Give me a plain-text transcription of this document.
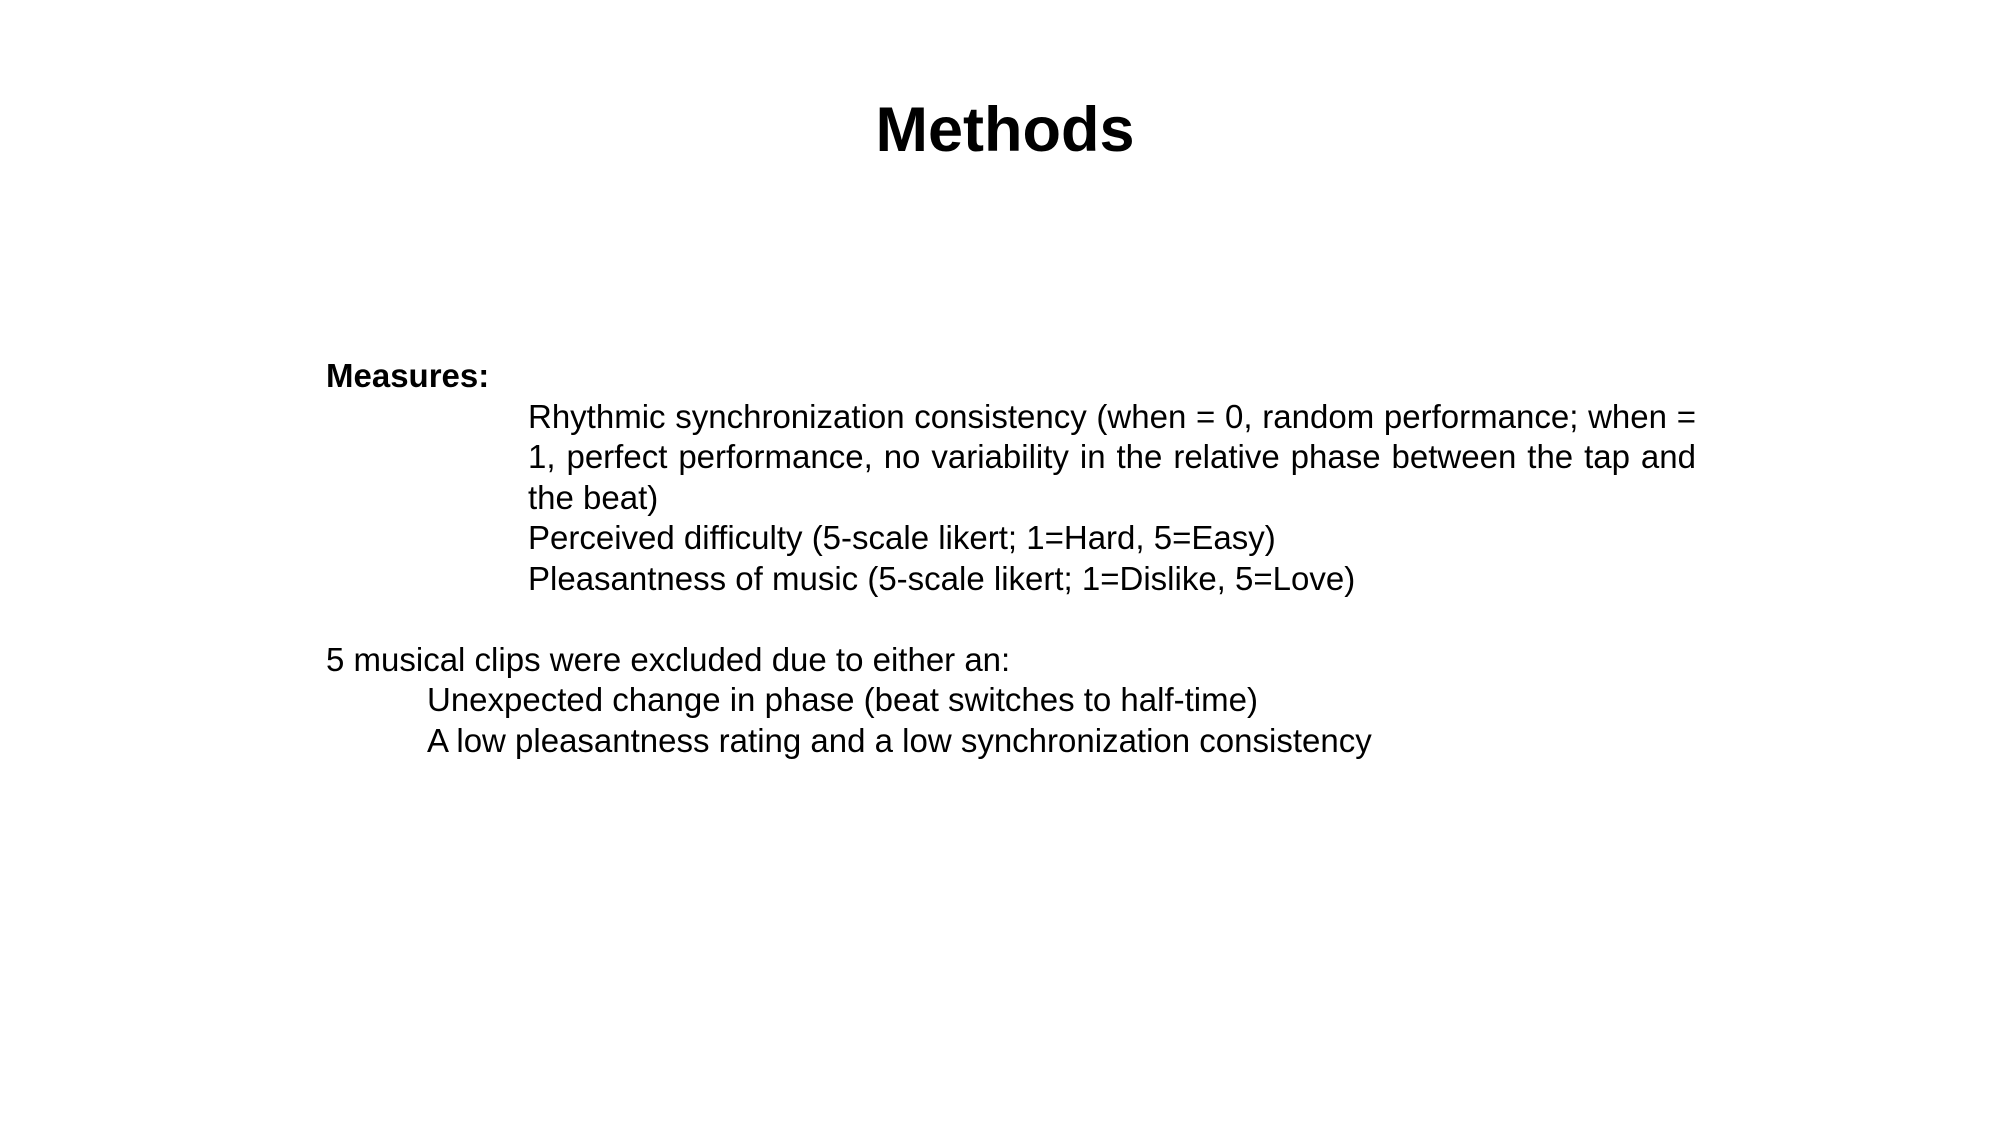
Methods

Measures:

Rhythmic synchronization consistency (when = 0, random performance; when = 1, perfect performance, no variability in the relative phase between the tap and the beat)

Perceived difficulty (5-scale likert; 1=Hard, 5=Easy)

Pleasantness of music (5-scale likert; 1=Dislike, 5=Love)

5 musical clips were excluded due to either an:

Unexpected change in phase (beat switches to half-time)

A low pleasantness rating and a low synchronization consistency
